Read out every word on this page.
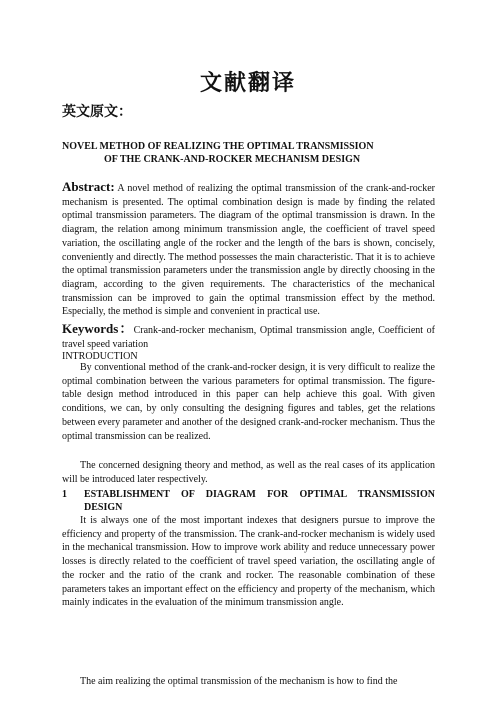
文献翻译
英文原文：
NOVEL METHOD OF REALIZING THE OPTIMAL TRANSMISSION
OF THE CRANK-AND-ROCKER MECHANISM DESIGN

Abstract: A novel method of realizing the optimal transmission of the crank-and-rocker mechanism is presented. The optimal combination design is made by finding the related optimal transmission parameters. The diagram of the optimal transmission is drawn. In the diagram, the relation among minimum transmission angle, the coefficient of travel speed variation, the oscillating angle of the rocker and the length of the bars is shown, concisely, conveniently and directly. The method possesses the main characteristic. That it is to achieve the optimal transmission parameters under the transmission angle by directly choosing in the diagram, according to the given requirements. The characteristics of the mechanical transmission can be improved to gain the optimal transmission effect by the method. Especially, the method is simple and convenient in practical use.

Keywords：Crank-and-rocker mechanism, Optimal transmission angle, Coefficient of travel speed variation

INTRODUCTION

By conventional method of the crank-and-rocker design, it is very difficult to realize the optimal combination between the various parameters for optimal transmission. The figure-table design method introduced in this paper can help achieve this goal. With given conditions, we can, by only consulting the designing figures and tables, get the relations between every parameter and another of the designed crank-and-rocker mechanism. Thus the optimal transmission can be realized.

The concerned designing theory and method, as well as the real cases of its application will be introduced later respectively.

1 ESTABLISHMENT OF DIAGRAM FOR OPTIMAL TRANSMISSION
DESIGN

It is always one of the most important indexes that designers pursue to improve the efficiency and property of the transmission. The crank-and-rocker mechanism is widely used in the mechanical transmission. How to improve work ability and reduce unnecessary power losses is directly related to the coefficient of travel speed variation, the oscillating angle of the rocker and the ratio of the crank and rocker. The reasonable combination of these parameters takes an important effect on the efficiency and property of the mechanism, which mainly indicates in the evaluation of the minimum transmission angle.

The aim realizing the optimal transmission of the mechanism is how to find the
